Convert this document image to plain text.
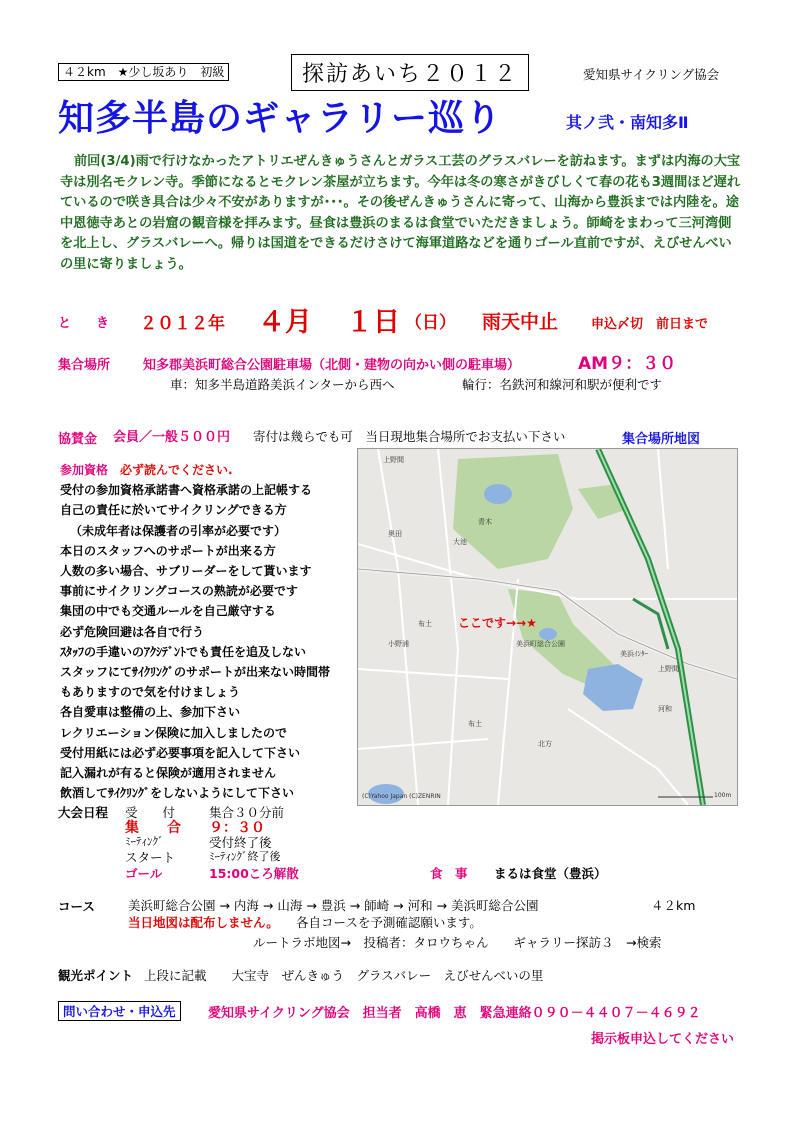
４２km　★少し坂あり　初級	探訪あいち２０１２	愛知県サイクリング協会
知多半島のギャラリー巡り	其ノ弐・南知多Ⅱ
前回(3/4)雨で行けなかったアトリエぜんきゅうさんとガラス工芸のグラスバレーを訪ねます。まずは内海の大宝寺は別名モクレン寺。季節になるとモクレン茶屋が立ちます。今年は冬の寒さがきびしくて春の花も3週間ほど遅れているので咲き具合は少々不安がありますが･･･。その後ぜんきゅうさんに寄って、山海から豊浜までは内陸を。途中恩徳寺あとの岩窟の観音様を拝みます。昼食は豊浜のまるは食堂でいただきましょう。師崎をまわって三河湾側を北上し、グラスバレーへ。帰りは国道をできるだけさけて海軍道路などを通りゴール直前ですが、えびせんべいの里に寄りましょう。
と　き ２０１２年 ４月 １日 （日） 雨天中止	申込〆切　前日まで
集合場所	知多郡美浜町総合公園駐車場（北側・建物の向かい側の駐車場）	AM９：３０
車：知多半島道路美浜インターから西へ	輪行：名鉄河和線河和駅が便利です
協賛金 会員／一般５００円 寄付は幾らでも可　当日現地集合場所でお支払い下さい	集合場所地図
参加資格　 必ず読んでください.
受付の参加資格承諾書へ資格承諾の上記帳する
自己の責任に於いてサイクリングできる方
（未成年者は保護者の引率が必要です）
本日のスタッフへのサポートが出来る方
人数の多い場合、サブリーダーをして貰います
事前にサイクリングコースの熟読が必要です
集団の中でも交通ルールを自己厳守する
必ず危険回避は各自で行う
ｽﾀｯﾌの手違いのｱｸｼﾃﾞﾝﾄでも責任を追及しない
スタッフにてｻｲｸﾘﾝｸﾞのサポートが出来ない時間帯
もありますので気を付けましょう
各自愛車は整備の上、参加下さい
レクリエーション保険に加入しましたので
受付用紙には必ず必要事項を記入して下さい
記入漏れが有ると保険が適用されません
飲酒してｻｲｸﾘﾝｸﾞをしないようにして下さい
ここです→→★
上野間
奥田
大池
青木
布土
上野間
美浜ｲﾝﾀｰ
河和
北方
小野浦
布土
美浜町総合公園
(C)Yahoo Japan (C)ZENRIN	100m
大会日程 受　　付	集合３０分前
集　　合 ９：３０
ﾐｰﾃｨﾝｸﾞ	受付終了後
スタート	ﾐｰﾃｨﾝｸﾞ終了後
ゴール	15:00ころ解散	食　事 まるは食堂（豊浜）
コース	美浜町総合公園 → 内海 → 山海 → 豊浜 → 師崎 → 河和 → 美浜町総合公園	４２km
当日地図は配布しません。 各自コースを予測確認願います。
ルートラボ地図→　投稿者：タロウちゃん　　ギャラリー探訪３　→検索
観光ポイント 上段に記載　　大宝寺　ぜんきゅう　グラスバレー　えびせんべいの里
問い合わせ・申込先	愛知県サイクリング協会　担当者　高橋　恵　緊急連絡０９０－４４０７－４６９２
掲示板申込してください
